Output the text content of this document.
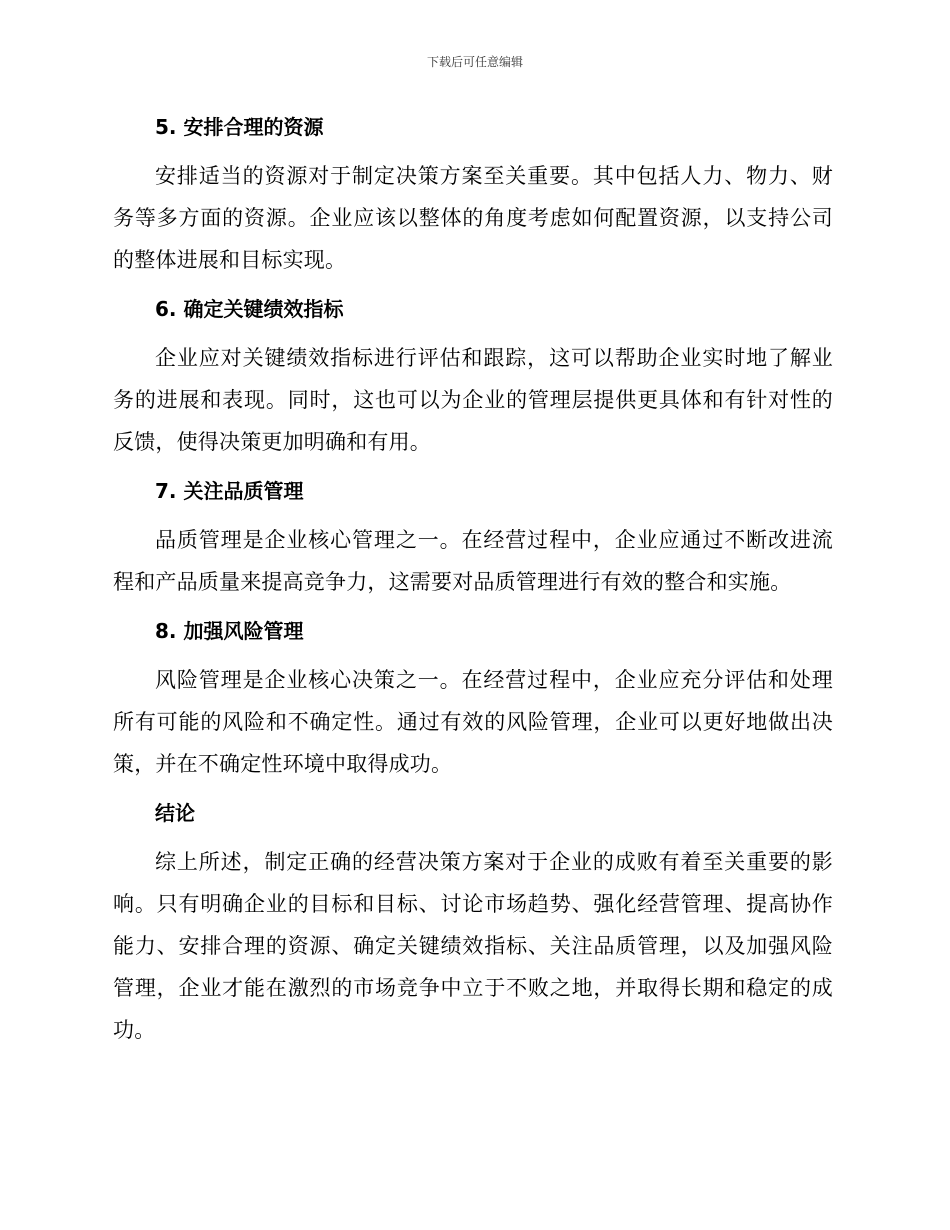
下载后可任意编辑
5. 安排合理的资源

安排适当的资源对于制定决策方案至关重要。其中包括人力、物力、财务等多方面的资源。企业应该以整体的角度考虑如何配置资源，以支持公司的整体进展和目标实现。

6. 确定关键绩效指标

企业应对关键绩效指标进行评估和跟踪，这可以帮助企业实时地了解业务的进展和表现。同时，这也可以为企业的管理层提供更具体和有针对性的反馈，使得决策更加明确和有用。

7. 关注品质管理

品质管理是企业核心管理之一。在经营过程中，企业应通过不断改进流程和产品质量来提高竞争力，这需要对品质管理进行有效的整合和实施。

8. 加强风险管理

风险管理是企业核心决策之一。在经营过程中，企业应充分评估和处理所有可能的风险和不确定性。通过有效的风险管理，企业可以更好地做出决策，并在不确定性环境中取得成功。

结论

综上所述，制定正确的经营决策方案对于企业的成败有着至关重要的影响。只有明确企业的目标和目标、讨论市场趋势、强化经营管理、提高协作能力、安排合理的资源、确定关键绩效指标、关注品质管理，以及加强风险管理，企业才能在激烈的市场竞争中立于不败之地，并取得长期和稳定的成功。
